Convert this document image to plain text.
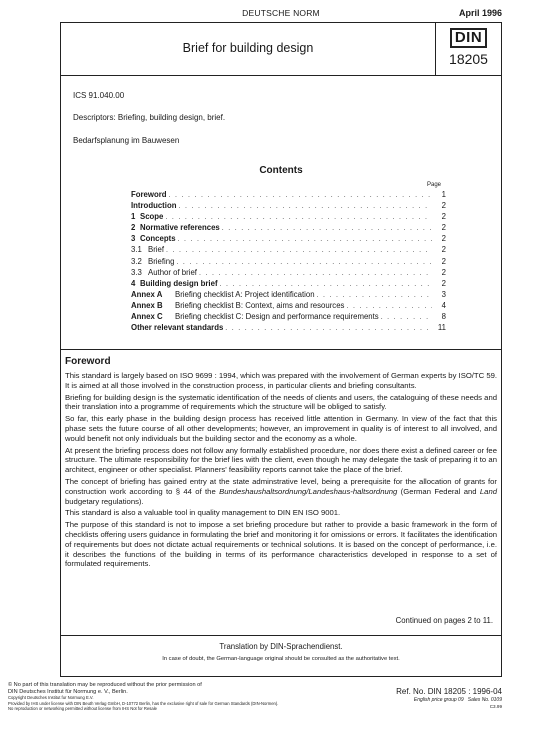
DEUTSCHE NORM	April 1996
Brief for building design
DIN
18205
ICS 91.040.00
Descriptors: Briefing, building design, brief.
Bedarfsplanung im Bauwesen
Contents
Page
Foreword . . .	1
Introduction . . .	2
1 Scope . . .	2
2 Normative references . . .	2
3 Concepts . . .	2
3.1 Brief . . .	2
3.2 Briefing . . .	2
3.3 Author of brief . . .	2
4 Building design brief . . .	2
Annex A Briefing checklist A: Project identification . . .	3
Annex B Briefing checklist B: Context, aims and resources . . .	4
Annex C Briefing checklist C: Design and performance requirements . . .	8
Other relevant standards . . .	11
Foreword

This standard is largely based on ISO 9699 : 1994, which was prepared with the involvement of German experts by ISO/TC 59. It is aimed at all those involved in the construction process, in particular clients and briefing consultants.

Briefing for building design is the systematic identification of the needs of clients and users, the cataloguing of these needs and their translation into a programme of requirements which the structure will be obliged to satisfy.

So far, this early phase in the building design process has received little attention in Germany. In view of the fact that this phase sets the future course of all other developments; however, an improvement in quality is of interest to all involved, and would benefit not only individuals but the building sector and the economy as a whole.

At present the briefing process does not follow any formally established procedure, nor does there exist a defined career or fee structure. The ultimate responsibility for the brief lies with the client, even though he may delegate the task of preparing it to an architect, engineer or other specialist. Planners' feasibility reports cannot take the place of the brief.

The concept of briefing has gained entry at the state adminstrative level, being a prerequisite for the allocation of grants for construction work according to § 44 of the Bundeshaushaltsordnung/Landeshaus-haltsordnung (German Federal and Land budgetary regulations).

This standard is also a valuable tool in quality management to DIN EN ISO 9001.

The purpose of this standard is not to impose a set briefing procedure but rather to provide a basic framework in the form of checklists offering users guidance in formulating the brief and monitoring it for omissions or errors. It facilitates the identification of requirements but does not dictate actual requirements or technical solutions. It is based on the concept of performance, i.e. it describes the functions of the building in terms of its performance characteristics developed in response to a set of formulated requirements.

Continued on pages 2 to 11.
Translation by DIN-Sprachendienst.
In case of doubt, the German-language original should be consulted as the authoritative text.
© No part of this translation may be reproduced without the prior permission of
DIN Deutsches Institut für Normung e. V., Berlin.
Copyright Deutsches Institut fur Normung E.V.
Provided by IHS under license with DIN Beuth Verlag GmbH, D-10772 Berlin, has the exclusive right of sale for German Standards (DIN-Normen).
No reproduction or networking permitted without license from IHS Not for Resale
Ref. No. DIN 18205 : 1996-04
English price group 09 Sales No. 0109
C3.99
